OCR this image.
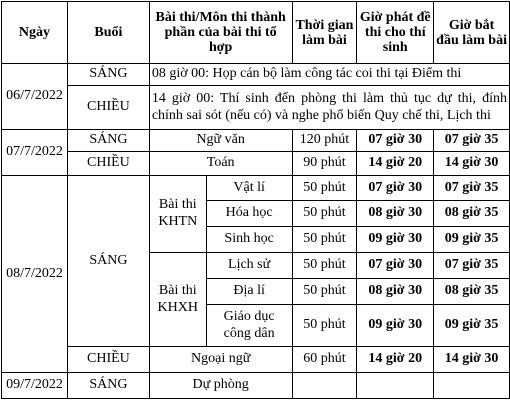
Ngày	Buổi	Bài thi/Môn thi thành phần của bài thi tổ hợp		Thời gian làm bài	Giờ phát đề thi cho thí sinh	Giờ bắt đầu làm bài
06/7/2022	SÁNG	08 giờ 00: Họp cán bộ làm công tác coi thi tại Điểm thi				
	CHIỀU	14 giờ 00: Thí sinh đến phòng thi làm thủ tục dự thi, đính chính sai sót (nếu có) và nghe phổ biến Quy chế thi, Lịch thi				
07/7/2022	SÁNG	Ngữ văn		120 phút	07 giờ 30	07 giờ 35
	CHIỀU	Toán		90 phút	14 giờ 20	14 giờ 30
08/7/2022	SÁNG	Bài thi KHTN	Vật lí	50 phút	07 giờ 30	07 giờ 35
			Hóa học	50 phút	08 giờ 30	08 giờ 35
			Sinh học	50 phút	09 giờ 30	09 giờ 35
		Bài thi KHXH	Lịch sử	50 phút	07 giờ 30	07 giờ 35
			Địa lí	50 phút	08 giờ 30	08 giờ 35
			Giáo dục công dân	50 phút	09 giờ 30	09 giờ 35
	CHIỀU	Ngoại ngữ		60 phút	14 giờ 20	14 giờ 30
09/7/2022	SÁNG	Dự phòng				
